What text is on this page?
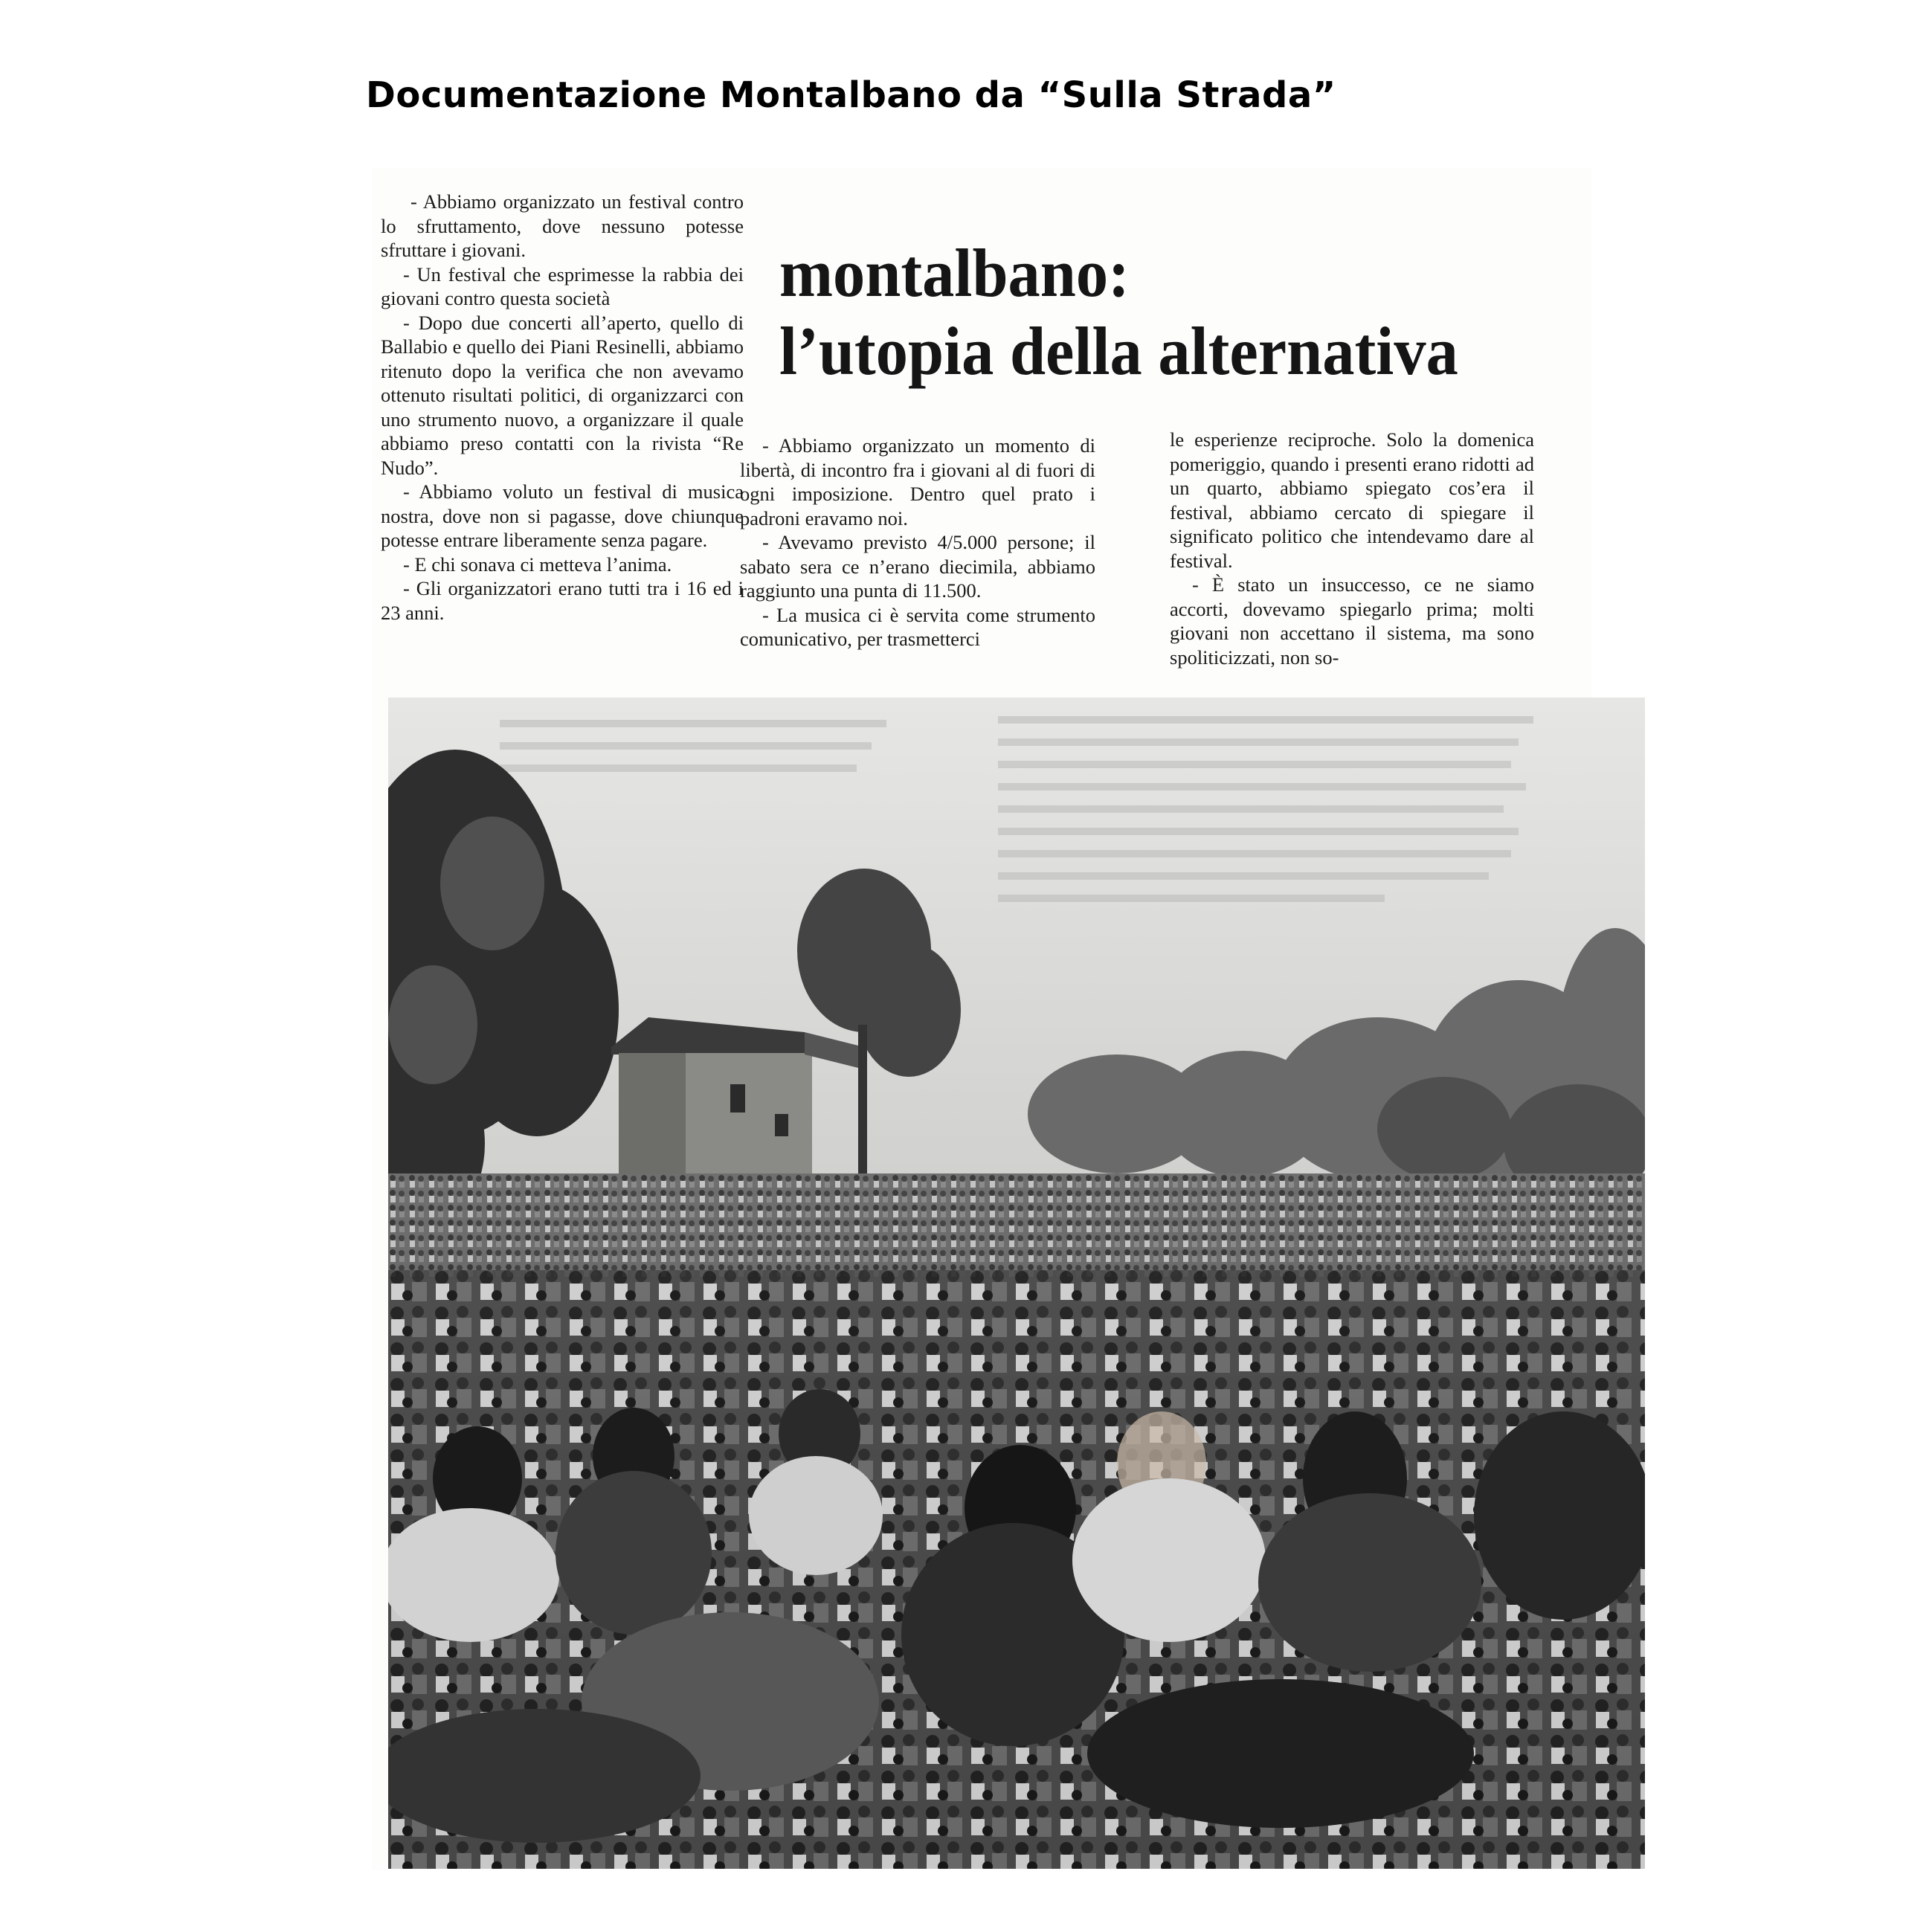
Documentazione Montalbano da “Sulla Strada”

- Abbiamo organizzato un festival contro lo sfruttamento, dove nessuno potesse sfruttare i giovani.

- Un festival che esprimesse la rabbia dei giovani contro questa società

- Dopo due concerti all’aperto, quello di Ballabio e quello dei Piani Resinelli, abbiamo ritenuto dopo la verifica che non avevamo ottenuto risultati politici, di organizzarci con uno strumento nuovo, a organizzare il quale abbiamo preso contatti con la rivista “Re Nudo”.

- Abbiamo voluto un festival di musica nostra, dove non si pagasse, dove chiunque potesse entrare liberamente senza pagare.

- E chi sonava ci metteva l’anima.

- Gli organizzatori erano tutti tra i 16 ed i 23 anni.

montalbano:
l’utopia della alternativa

- Abbiamo organizzato un momento di libertà, di incontro fra i giovani al di fuori di ogni imposizione. Dentro quel prato i padroni eravamo noi.

- Avevamo previsto 4/5.000 persone; il sabato sera ce n’erano diecimila, abbiamo raggiunto una punta di 11.500.

- La musica ci è servita come strumento comunicativo, per trasmetterci

le esperienze reciproche. Solo la domenica pomeriggio, quando i presenti erano ridotti ad un quarto, abbiamo spiegato cos’era il festival, abbiamo cercato di spiegare il significato politico che intendevamo dare al festival.

- È stato un insuccesso, ce ne siamo accorti, dovevamo spiegarlo prima; molti giovani non accettano il sistema, ma sono spoliticizzati, non so-
